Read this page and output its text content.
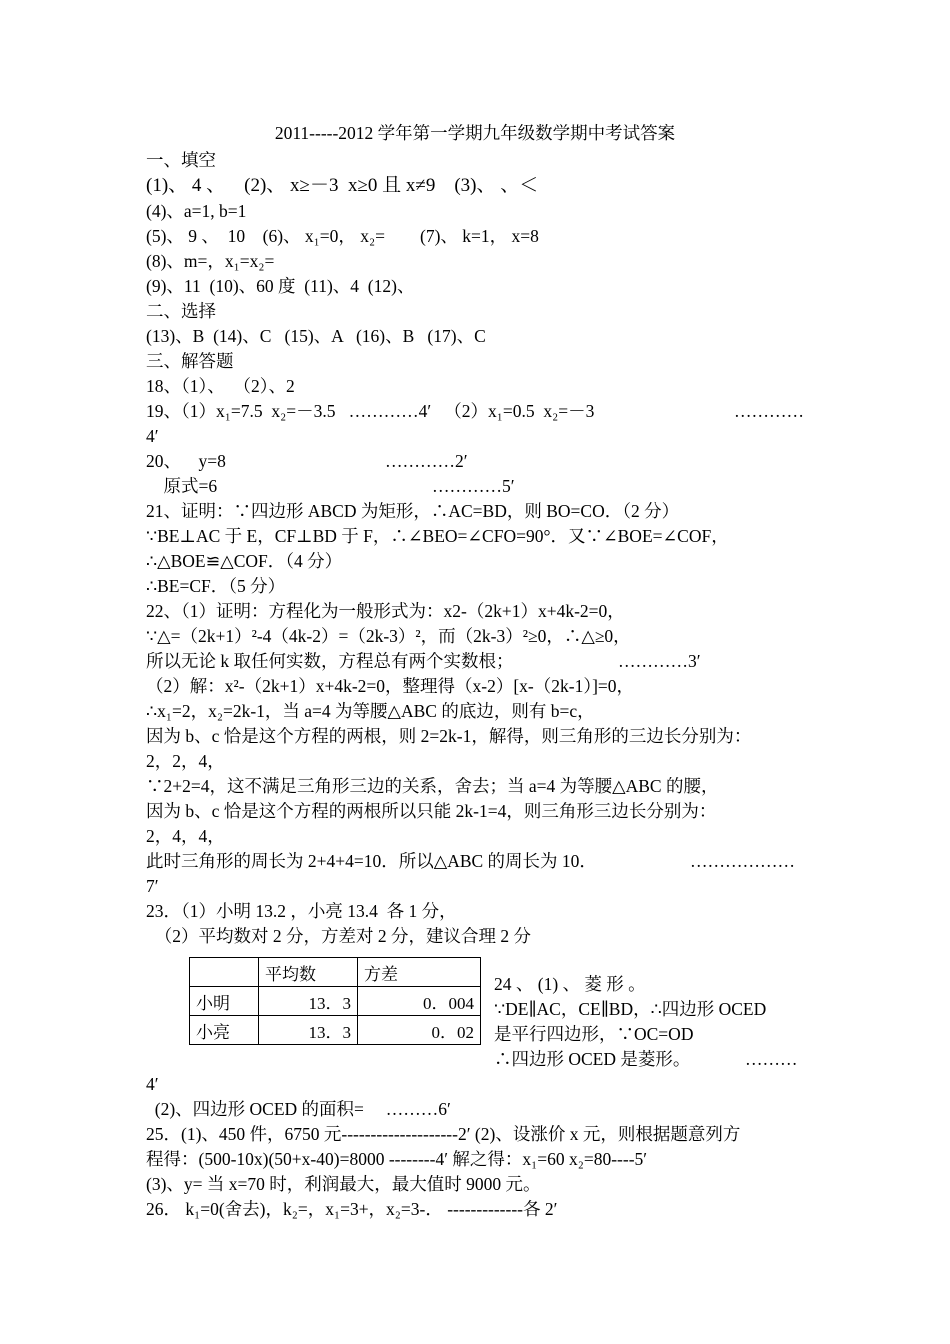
2011-----2012 学年第一学期九年级数学期中考试答案
一、填空
(1)、 4 、    (2)、 x≥－3  x≥0 且 x≠9    (3)、 、＜
(4)、a=1, b=1
(5)、 9 、  10    (6)、 x₁=0， x₂=        (7)、 k=1， x=8
(8)、m=，x₁=x₂=
(9)、11  (10)、60 度  (11)、4  (12)、
二、选择
(13)、B  (14)、C   (15)、A   (16)、B   (17)、C
三、解答题
18、（1）、  （2）、2
19、（1）x₁=7.5  x₂=－3.5   …………4′   （2）x₁=0.5  x₂=－3	…………
4′
20、    y=8	…………2′
原式=6	…………5′
21、证明：∵四边形 ABCD 为矩形，∴AC=BD，则 BO=CO．（2 分）
∵BE⊥AC 于 E，CF⊥BD 于 F，∴∠BEO=∠CFO=90°．又∵∠BOE=∠COF，
∴△BOE≌△COF．（4 分）
∴BE=CF．（5 分）
22、（1）证明：方程化为一般形式为：x2-（2k+1）x+4k-2=0，
∵△=（2k+1）²-4（4k-2）=（2k-3）²，而（2k-3）²≥0，∴△≥0，
所以无论 k 取任何实数，方程总有两个实数根；	…………3′
（2）解：x²-（2k+1）x+4k-2=0，整理得（x-2）[x-（2k-1）]=0，
∴x₁=2，x₂=2k-1，当 a=4 为等腰△ABC 的底边，则有 b=c，
因为 b、c 恰是这个方程的两根，则 2=2k-1，解得，则三角形的三边长分别为：
2，2，4，
∵2+2=4，这不满足三角形三边的关系，舍去；当 a=4 为等腰△ABC 的腰，
因为 b、c 恰是这个方程的两根所以只能 2k-1=4，则三角形三边长分别为：
2，4，4，
此时三角形的周长为 2+4+4=10．所以△ABC 的周长为 10．	………………
7′
23．（1）小明 13.2 ，小亮 13.4  各 1 分，
（2）平均数对 2 分，方差对 2 分，建议合理 2 分
	平均数	方差
小明	13．3	0．004
小亮	13．3	0．02
24 、 (1) 、 菱 形 。
∵DE∥AC，CE∥BD，∴四边形 OCED
是平行四边形，∵OC=OD
∴四边形 OCED 是菱形。	………
4′
(2)、四边形 OCED 的面积=     ………6′
25．(1)、450 件，6750 元--------------------2′ (2)、设涨价 x 元，则根据题意列方
程得：(500-10x)(50+x-40)=8000 --------4′ 解之得：x₁=60 x₂=80----5′
(3)、y= 当 x=70 时，利润最大，最大值时 9000 元。
26． k₁=0(舍去)，k₂=，x₁=3+，x₂=3-． -------------各 2′
